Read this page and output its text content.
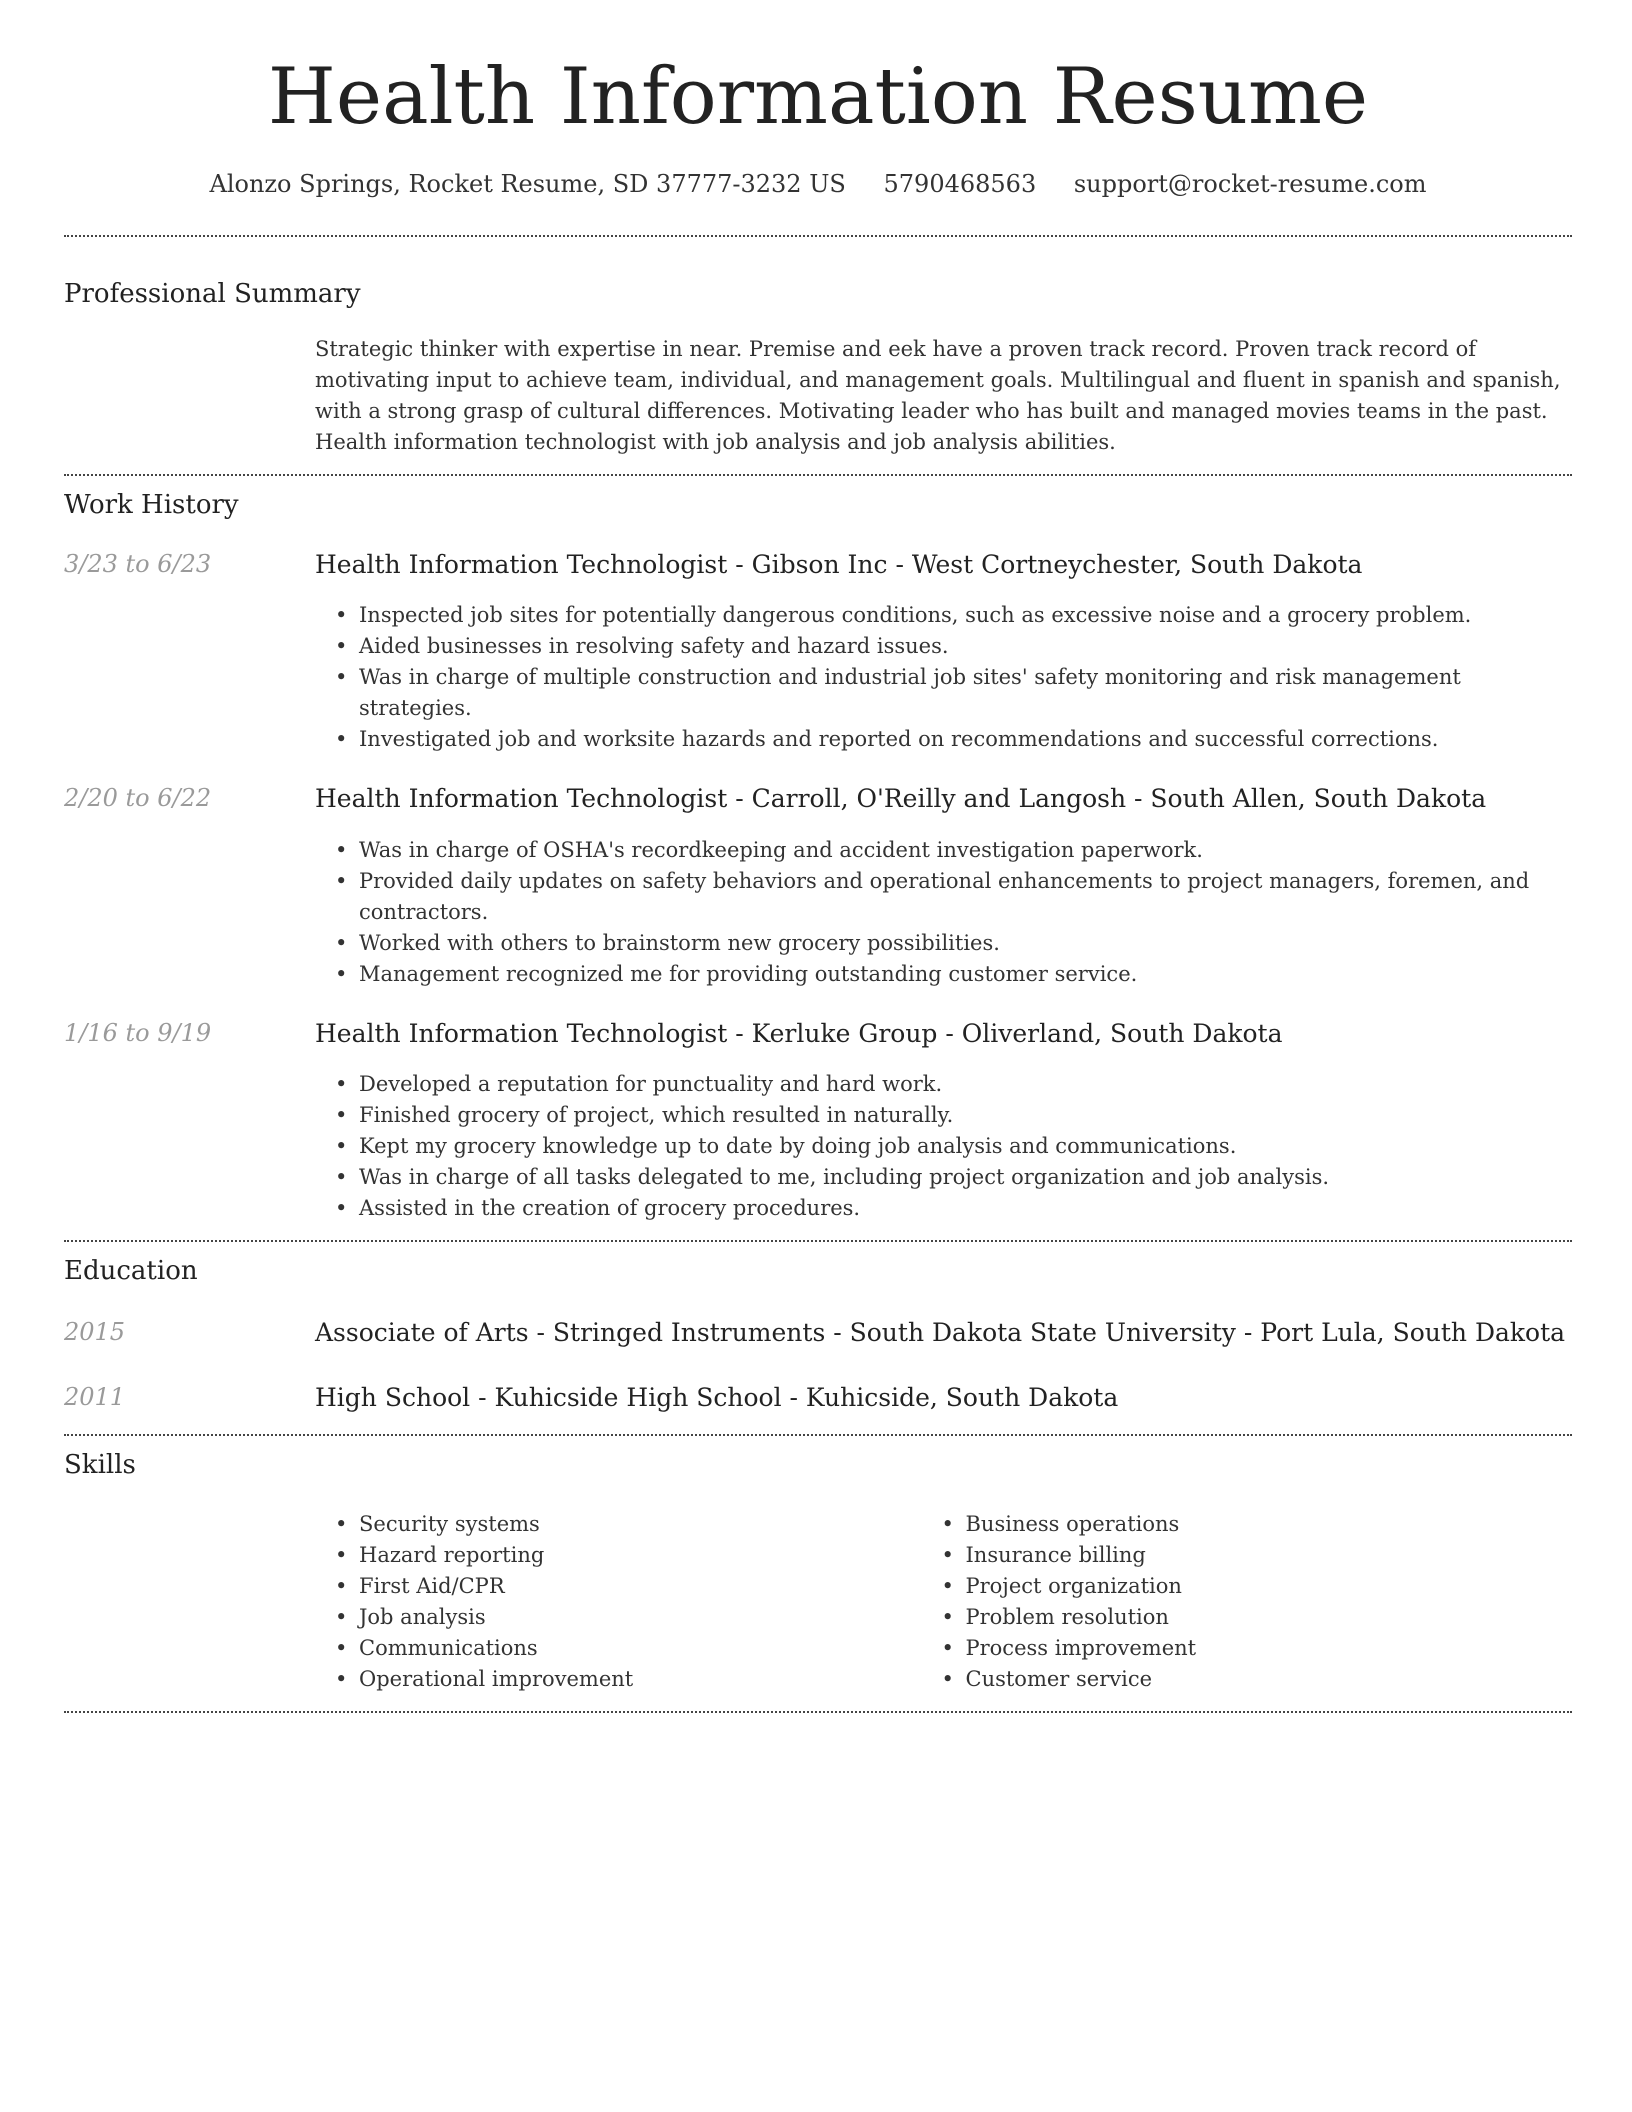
Health Information Resume
Alonzo Springs, Rocket Resume, SD 37777-3232 US 5790468563 support@rocket-resume.com
Professional Summary

Strategic thinker with expertise in near. Premise and eek have a proven track record. Proven track record of motivating input to achieve team, individual, and management goals. Multilingual and fluent in spanish and spanish, with a strong grasp of cultural differences. Motivating leader who has built and managed movies teams in the past. Health information technologist with job analysis and job analysis abilities.

Work History
3/23 to 6/23	Health Information Technologist - Gibson Inc - West Cortneychester, South Dakota
• Inspected job sites for potentially dangerous conditions, such as excessive noise and a grocery problem.
• Aided businesses in resolving safety and hazard issues.
• Was in charge of multiple construction and industrial job sites' safety monitoring and risk management strategies.
• Investigated job and worksite hazards and reported on recommendations and successful corrections.
2/20 to 6/22	Health Information Technologist - Carroll, O'Reilly and Langosh - South Allen, South Dakota
• Was in charge of OSHA's recordkeeping and accident investigation paperwork.
• Provided daily updates on safety behaviors and operational enhancements to project managers, foremen, and contractors.
• Worked with others to brainstorm new grocery possibilities.
• Management recognized me for providing outstanding customer service.
1/16 to 9/19	Health Information Technologist - Kerluke Group - Oliverland, South Dakota
• Developed a reputation for punctuality and hard work.
• Finished grocery of project, which resulted in naturally.
• Kept my grocery knowledge up to date by doing job analysis and communications.
• Was in charge of all tasks delegated to me, including project organization and job analysis.
• Assisted in the creation of grocery procedures.
Education
2015	Associate of Arts - Stringed Instruments - South Dakota State University - Port Lula, South Dakota
2011	High School - Kuhicside High School - Kuhicside, South Dakota
Skills
• Security systems
• Hazard reporting
• First Aid/CPR
• Job analysis
• Communications
• Operational improvement
• Business operations
• Insurance billing
• Project organization
• Problem resolution
• Process improvement
• Customer service
